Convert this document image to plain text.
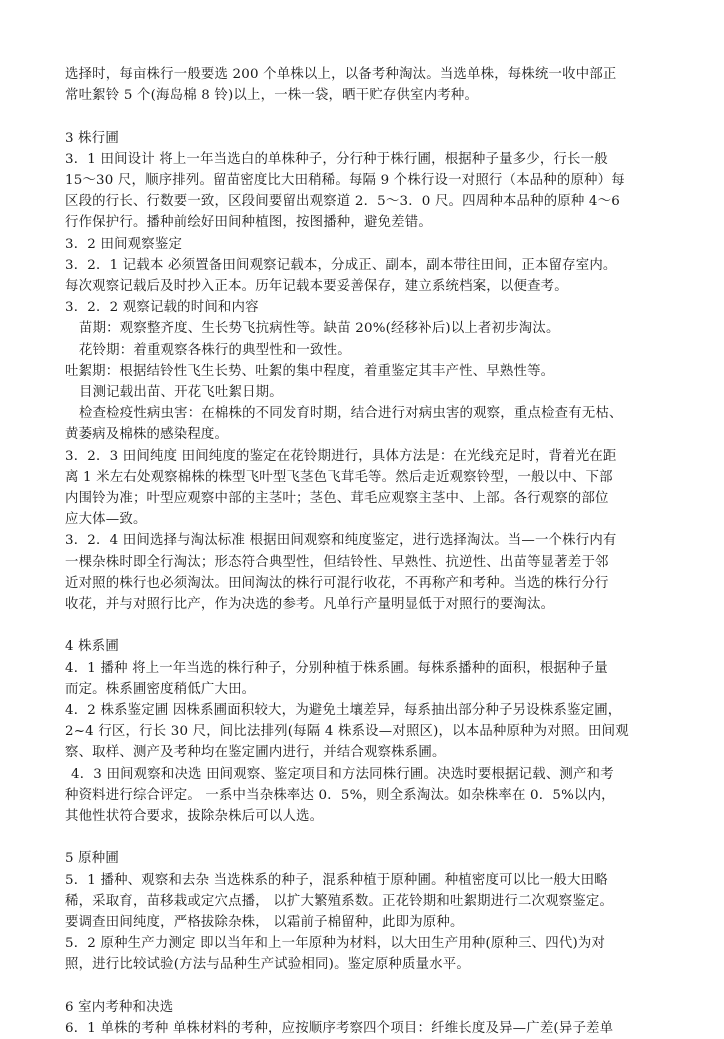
选择时，每亩株行一般要选 200 个单株以上，以备考种淘汰。当选单株，每株统一收中部正
常吐絮铃 5 个(海岛棉 8 铃)以上，一株一袋，晒干贮存供室内考种。
3 株行圃
3．1 田间设计 将上一年当选白的单株种子，分行种于株行圃，根据种子量多少，行长一般
15～30 尺，顺序排列。留苗密度比大田稍稀。每隔 9 个株行设一对照行（本品种的原种）每
区段的行长、行数要一致，区段间要留出观察道 2．5～3．0 尺。四周种本品种的原种 4～6
行作保护行。播种前绘好田间种植图，按图播种，避免差错。
3．2 田间观察鉴定
3．2．1 记载本 必须置备田间观察记载本，分成正、副本，副本带往田间，正本留存室内。
每次观察记载后及时抄入正本。历年记载本要妥善保存，建立系统档案，以便查考。
3．2．2 观察记载的时间和内容
苗期：观察整齐度、生长势飞抗病性等。缺苗 20%(经移补后)以上者初步淘汰。
花铃期：着重观察各株行的典型性和一致性。
吐絮期：根据结铃性飞生长势、吐絮的集中程度，着重鉴定其丰产性、早熟性等。
目测记载出苗、开花飞吐絮日期。
检查检疫性病虫害：在棉株的不同发育时期，结合进行对病虫害的观察，重点检查有无枯、
黄萎病及棉株的感染程度。
3．2．3 田间纯度 田间纯度的鉴定在花铃期进行，具体方法是：在光线充足时，背着光在距
离 1 米左右处观察棉株的株型飞叶型飞茎色飞茸毛等。然后走近观察铃型，一般以中、下部
内围铃为准；叶型应观察中部的主茎叶；茎色、茸毛应观察主茎中、上部。各行观察的部位
应大体—致。
3．2．4 田间选择与淘汰标准 根据田间观察和纯度鉴定，进行选择淘汰。当—一个株行内有
一棵杂株时即全行淘汰；形态符合典型性，但结铃性、早熟性、抗逆性、出苗等显著差于邻
近对照的株行也必须淘汰。田间淘汰的株行可混行收花，不再称产和考种。当选的株行分行
收花，并与对照行比产，作为决选的参考。凡单行产量明显低于对照行的要淘汰。
4 株系圃
4．1 播种 将上一年当选的株行种子，分别种植于株系圃。每株系播种的面积，根据种子量
而定。株系圃密度稍低广大田。
4．2 株系鉴定圃 因株系圃面积较大，为避免土壤差异，每系抽出部分种子另设株系鉴定圃，
2~4 行区，行长 30 尺，间比法排列(每隔 4 株系设—对照区)，以本品种原种为对照。田间观
察、取样、测产及考种均在鉴定圃内进行，并结合观察株系圃。
4．3 田间观察和决选 田间观察、鉴定项目和方法同株行圃。决选时要根据记载、测产和考
种资料进行综合评定。 一系中当杂株率达 0．5%，则全系淘汰。如杂株率在 0．5%以内，
其他性状符合要求，拔除杂株后可以人选。
5 原种圃
5．1 播种、观察和去杂 当选株系的种子，混系种植于原种圃。种植密度可以比一般大田略
稀，采取育，苗移栽或定穴点播， 以扩大繁殖系数。正花铃期和吐絮期进行二次观察鉴定。
要调查田间纯度，严格拔除杂株， 以霜前子棉留种，此即为原种。
5．2 原种生产力测定 即以当年和上一年原种为材料，以大田生产用种(原种三、四代)为对
照，进行比较试验(方法与品种生产试验相同)。鉴定原种质量水平。
6 室内考种和决选
6．1 单株的考种 单株材料的考种，应按顺序考察四个项目：纤维长度及异—广差(异子差单
